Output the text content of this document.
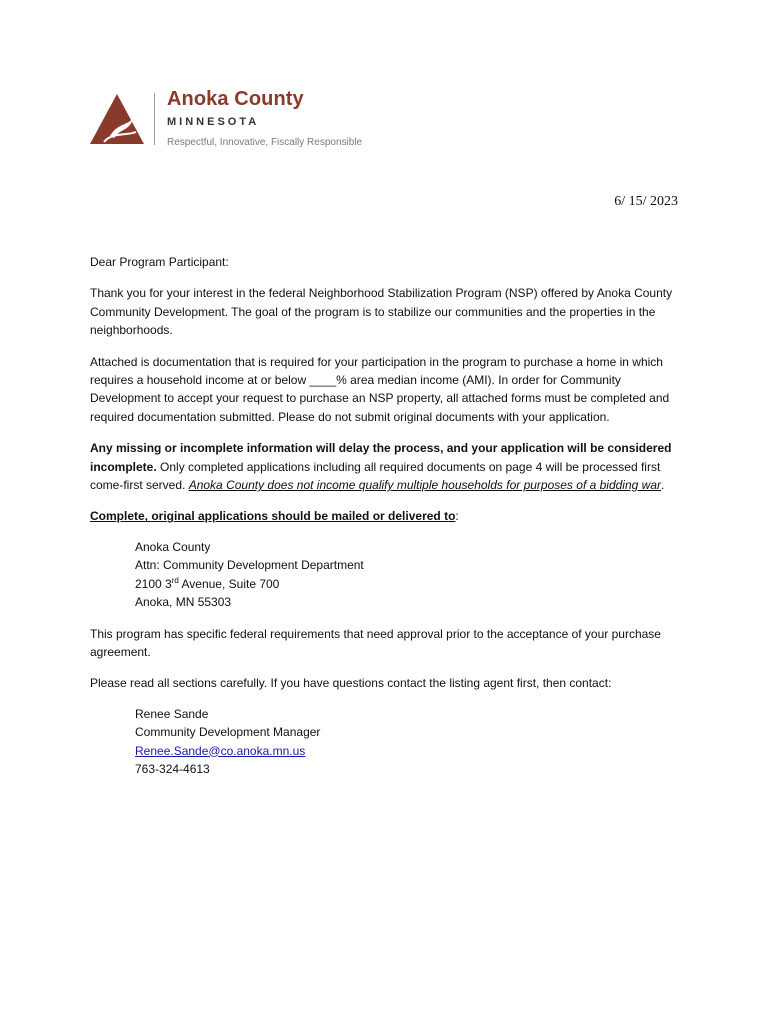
Anoka County
MINNESOTA
Respectful, Innovative, Fiscally Responsible
6/ 15/ 2023

Dear Program Participant:

Thank you for your interest in the federal Neighborhood Stabilization Program (NSP) offered by Anoka County Community Development. The goal of the program is to stabilize our communities and the properties in the neighborhoods.

Attached is documentation that is required for your participation in the program to purchase a home in which requires a household income at or below ____% area median income (AMI). In order for Community Development to accept your request to purchase an NSP property, all attached forms must be completed and required documentation submitted. Please do not submit original documents with your application.

Any missing or incomplete information will delay the process, and your application will be considered incomplete. Only completed applications including all required documents on page 4 will be processed first come-first served. Anoka County does not income qualify multiple households for purposes of a bidding war.

Complete, original applications should be mailed or delivered to:

Anoka County
Attn: Community Development Department
2100 3rd Avenue, Suite 700
Anoka, MN 55303

This program has specific federal requirements that need approval prior to the acceptance of your purchase agreement.

Please read all sections carefully. If you have questions contact the listing agent first, then contact:

Renee Sande
Community Development Manager
Renee.Sande@co.anoka.mn.us
763-324-4613
